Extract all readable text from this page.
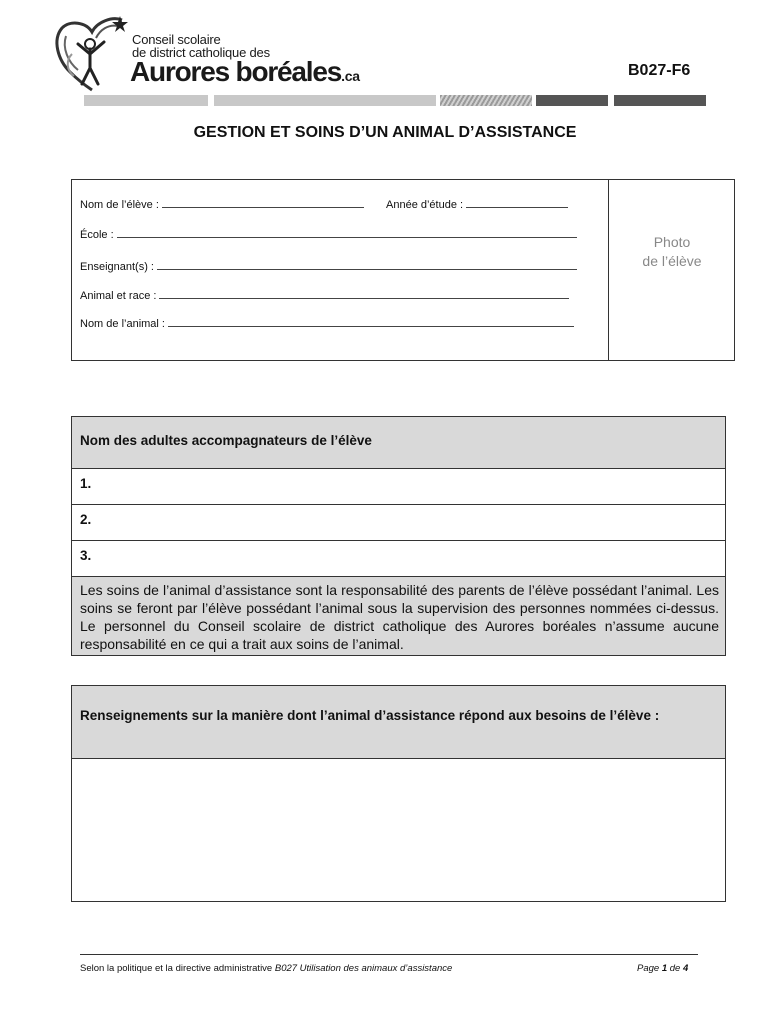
Conseil scolaire
de district catholique des
Aurores boréales.ca	B027-F6
GESTION ET SOINS D’UN ANIMAL D’ASSISTANCE
Nom de l’élève :	Année d’étude :
École :
Enseignant(s) :
Animal et race :
Nom de l’animal :
Photo
de l’élève
Nom des adultes accompagnateurs de l’élève
1.
2.
3.
Les soins de l’animal d’assistance sont la responsabilité des parents de l’élève possédant l’animal. Les soins se feront par l’élève possédant l’animal sous la supervision des personnes nommées ci-dessus. Le personnel du Conseil scolaire de district catholique des Aurores boréales n’assume aucune responsabilité en ce qui a trait aux soins de l’animal.
Renseignements sur la manière dont l’animal d’assistance répond aux besoins de l’élève :
Selon la politique et la directive administrative B027 Utilisation des animaux d’assistance	Page 1 de 4
